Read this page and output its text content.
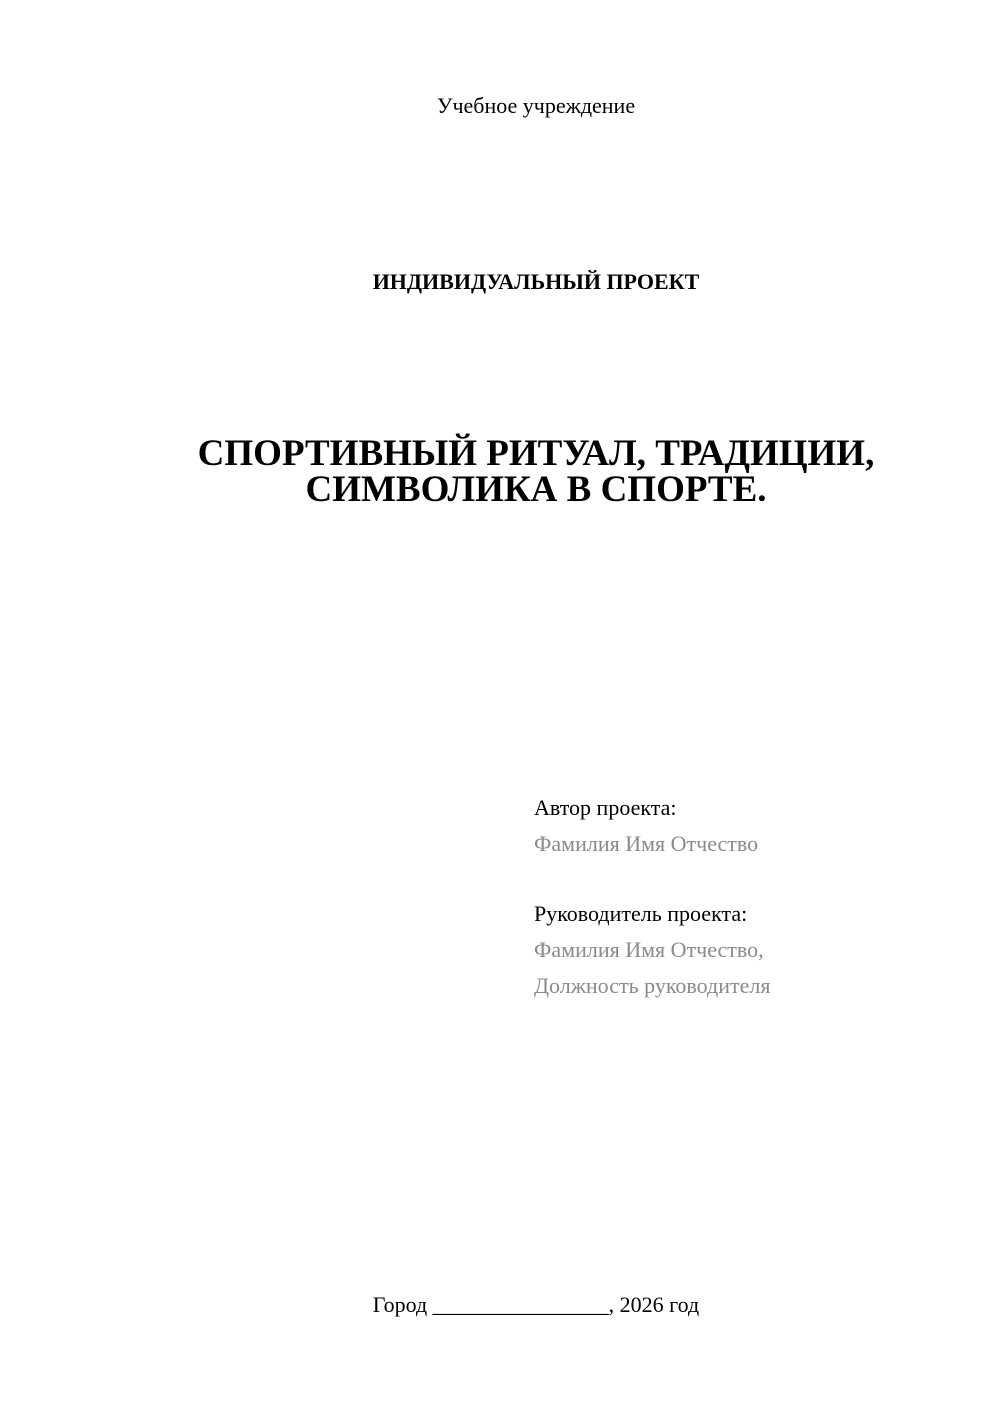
Учебное учреждение
ИНДИВИДУАЛЬНЫЙ ПРОЕКТ
СПОРТИВНЫЙ РИТУАЛ, ТРАДИЦИИ,
СИМВОЛИКА В СПОРТЕ.
Автор проекта:
Фамилия Имя Отчество
Руководитель проекта:
Фамилия Имя Отчество,
Должность руководителя
Город ________________, 2026 год
